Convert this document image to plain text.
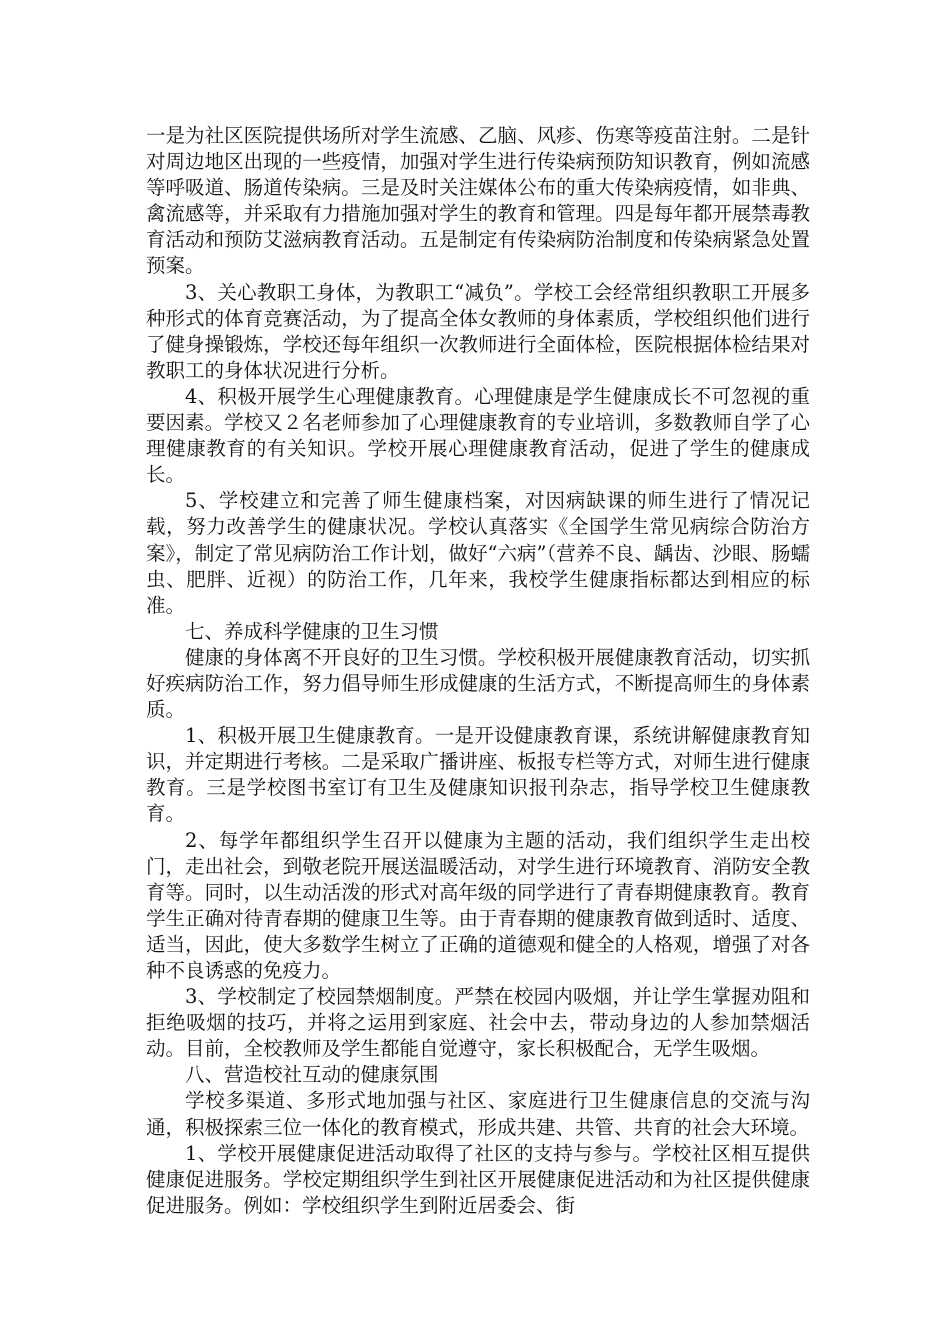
一是为社区医院提供场所对学生流感、乙脑、风疹、伤寒等疫苗注射。二是针对周边地区出现的一些疫情，加强对学生进行传染病预防知识教育，例如流感等呼吸道、肠道传染病。三是及时关注媒体公布的重大传染病疫情，如非典、禽流感等，并采取有力措施加强对学生的教育和管理。四是每年都开展禁毒教育活动和预防艾滋病教育活动。五是制定有传染病防治制度和传染病紧急处置预案。

3、关心教职工身体，为教职工“减负”。学校工会经常组织教职工开展多种形式的体育竞赛活动，为了提高全体女教师的身体素质，学校组织他们进行了健身操锻炼，学校还每年组织一次教师进行全面体检，医院根据体检结果对教职工的身体状况进行分析。

4、积极开展学生心理健康教育。心理健康是学生健康成长不可忽视的重要因素。学校又２名老师参加了心理健康教育的专业培训，多数教师自学了心理健康教育的有关知识。学校开展心理健康教育活动，促进了学生的健康成长。

5、学校建立和完善了师生健康档案，对因病缺课的师生进行了情况记载，努力改善学生的健康状况。学校认真落实《全国学生常见病综合防治方案》，制定了常见病防治工作计划，做好“六病”（营养不良、龋齿、沙眼、肠蠕虫、肥胖、近视）的防治工作，几年来，我校学生健康指标都达到相应的标准。

七、养成科学健康的卫生习惯

健康的身体离不开良好的卫生习惯。学校积极开展健康教育活动，切实抓好疾病防治工作，努力倡导师生形成健康的生活方式，不断提高师生的身体素质。

1、积极开展卫生健康教育。一是开设健康教育课，系统讲解健康教育知识，并定期进行考核。二是采取广播讲座、板报专栏等方式，对师生进行健康教育。三是学校图书室订有卫生及健康知识报刊杂志，指导学校卫生健康教育。

2、每学年都组织学生召开以健康为主题的活动，我们组织学生走出校门，走出社会，到敬老院开展送温暖活动，对学生进行环境教育、消防安全教育等。同时，以生动活泼的形式对高年级的同学进行了青春期健康教育。教育学生正确对待青春期的健康卫生等。由于青春期的健康教育做到适时、适度、适当，因此，使大多数学生树立了正确的道德观和健全的人格观，增强了对各种不良诱惑的免疫力。

3、学校制定了校园禁烟制度。严禁在校园内吸烟，并让学生掌握劝阻和拒绝吸烟的技巧，并将之运用到家庭、社会中去，带动身边的人参加禁烟活动。目前，全校教师及学生都能自觉遵守，家长积极配合，无学生吸烟。

八、营造校社互动的健康氛围

学校多渠道、多形式地加强与社区、家庭进行卫生健康信息的交流与沟通，积极探索三位一体化的教育模式，形成共建、共管、共育的社会大环境。

1、学校开展健康促进活动取得了社区的支持与参与。学校社区相互提供健康促进服务。学校定期组织学生到社区开展健康促进活动和为社区提供健康促进服务。例如：学校组织学生到附近居委会、街
